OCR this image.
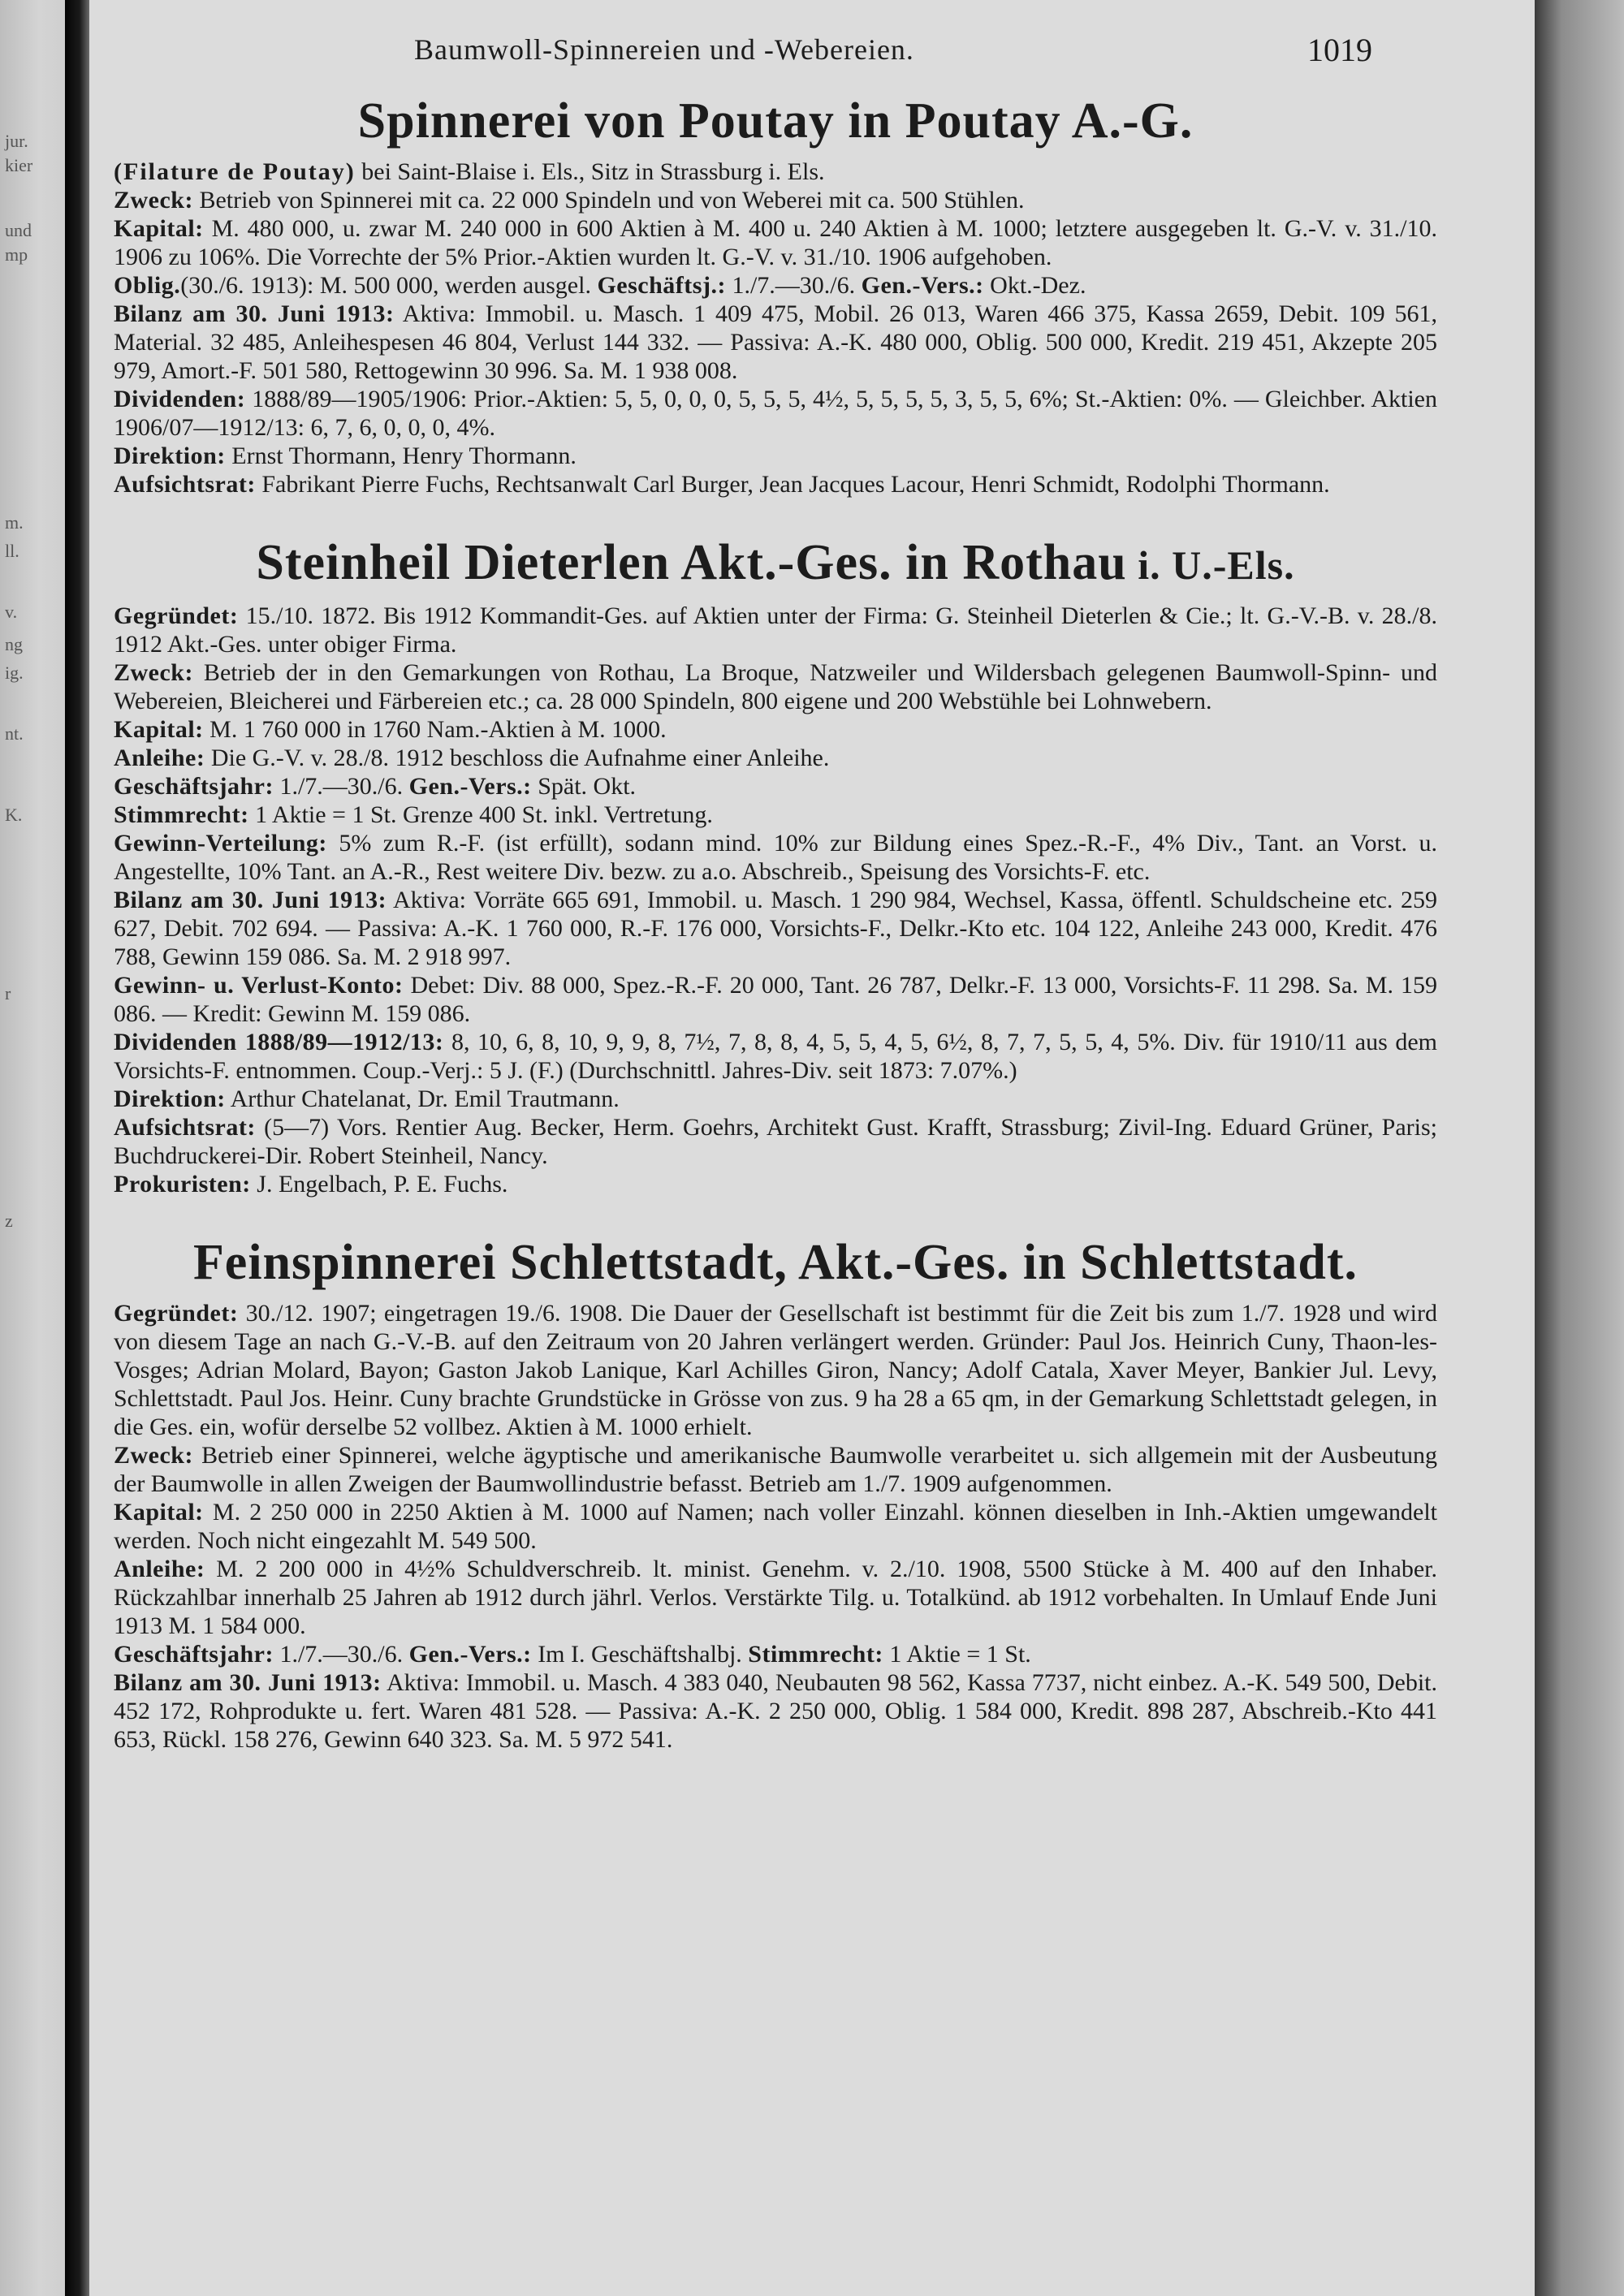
jur.
kier
und
mp
m.
ll.
v.
ng
ig.
nt.
K.
r
z
Baumwoll-Spinnereien und -Webereien.	1019
Spinnerei von Poutay in Poutay A.-G.

(Filature de Poutay) bei Saint-Blaise i. Els., Sitz in Strassburg i. Els.

Zweck: Betrieb von Spinnerei mit ca. 22 000 Spindeln und von Weberei mit ca. 500 Stühlen.

Kapital: M. 480 000, u. zwar M. 240 000 in 600 Aktien à M. 400 u. 240 Aktien à M. 1000; letztere ausgegeben lt. G.-V. v. 31./10. 1906 zu 106%. Die Vorrechte der 5% Prior.-Aktien wurden lt. G.-V. v. 31./10. 1906 aufgehoben.

Oblig.(30./6. 1913): M. 500 000, werden ausgel. Geschäftsj.: 1./7.—30./6. Gen.-Vers.: Okt.-Dez.

Bilanz am 30. Juni 1913: Aktiva: Immobil. u. Masch. 1 409 475, Mobil. 26 013, Waren 466 375, Kassa 2659, Debit. 109 561, Material. 32 485, Anleihespesen 46 804, Verlust 144 332. — Passiva: A.-K. 480 000, Oblig. 500 000, Kredit. 219 451, Akzepte 205 979, Amort.-F. 501 580, Rettogewinn 30 996. Sa. M. 1 938 008.

Dividenden: 1888/89—1905/1906: Prior.-Aktien: 5, 5, 0, 0, 0, 5, 5, 5, 4½, 5, 5, 5, 5, 3, 5, 5, 6%; St.-Aktien: 0%. — Gleichber. Aktien 1906/07—1912/13: 6, 7, 6, 0, 0, 0, 4%.

Direktion: Ernst Thormann, Henry Thormann.

Aufsichtsrat: Fabrikant Pierre Fuchs, Rechtsanwalt Carl Burger, Jean Jacques Lacour, Henri Schmidt, Rodolphi Thormann.

Steinheil Dieterlen Akt.-Ges. in Rothau i. U.-Els.

Gegründet: 15./10. 1872. Bis 1912 Kommandit-Ges. auf Aktien unter der Firma: G. Steinheil Dieterlen & Cie.; lt. G.-V.-B. v. 28./8. 1912 Akt.-Ges. unter obiger Firma.

Zweck: Betrieb der in den Gemarkungen von Rothau, La Broque, Natzweiler und Wildersbach gelegenen Baumwoll-Spinn- und Webereien, Bleicherei und Färbereien etc.; ca. 28 000 Spindeln, 800 eigene und 200 Webstühle bei Lohnwebern.

Kapital: M. 1 760 000 in 1760 Nam.-Aktien à M. 1000.

Anleihe: Die G.-V. v. 28./8. 1912 beschloss die Aufnahme einer Anleihe.

Geschäftsjahr: 1./7.—30./6. Gen.-Vers.: Spät. Okt.

Stimmrecht: 1 Aktie = 1 St. Grenze 400 St. inkl. Vertretung.

Gewinn-Verteilung: 5% zum R.-F. (ist erfüllt), sodann mind. 10% zur Bildung eines Spez.-R.-F., 4% Div., Tant. an Vorst. u. Angestellte, 10% Tant. an A.-R., Rest weitere Div. bezw. zu a.o. Abschreib., Speisung des Vorsichts-F. etc.

Bilanz am 30. Juni 1913: Aktiva: Vorräte 665 691, Immobil. u. Masch. 1 290 984, Wechsel, Kassa, öffentl. Schuldscheine etc. 259 627, Debit. 702 694. — Passiva: A.-K. 1 760 000, R.-F. 176 000, Vorsichts-F., Delkr.-Kto etc. 104 122, Anleihe 243 000, Kredit. 476 788, Gewinn 159 086. Sa. M. 2 918 997.

Gewinn- u. Verlust-Konto: Debet: Div. 88 000, Spez.-R.-F. 20 000, Tant. 26 787, Delkr.-F. 13 000, Vorsichts-F. 11 298. Sa. M. 159 086. — Kredit: Gewinn M. 159 086.

Dividenden 1888/89—1912/13: 8, 10, 6, 8, 10, 9, 9, 8, 7½, 7, 8, 8, 4, 5, 5, 4, 5, 6½, 8, 7, 7, 5, 5, 4, 5%. Div. für 1910/11 aus dem Vorsichts-F. entnommen. Coup.-Verj.: 5 J. (F.) (Durchschnittl. Jahres-Div. seit 1873: 7.07%.)

Direktion: Arthur Chatelanat, Dr. Emil Trautmann.

Aufsichtsrat: (5—7) Vors. Rentier Aug. Becker, Herm. Goehrs, Architekt Gust. Krafft, Strassburg; Zivil-Ing. Eduard Grüner, Paris; Buchdruckerei-Dir. Robert Steinheil, Nancy.

Prokuristen: J. Engelbach, P. E. Fuchs.

Feinspinnerei Schlettstadt, Akt.-Ges. in Schlettstadt.

Gegründet: 30./12. 1907; eingetragen 19./6. 1908. Die Dauer der Gesellschaft ist bestimmt für die Zeit bis zum 1./7. 1928 und wird von diesem Tage an nach G.-V.-B. auf den Zeitraum von 20 Jahren verlängert werden. Gründer: Paul Jos. Heinrich Cuny, Thaon-les-Vosges; Adrian Molard, Bayon; Gaston Jakob Lanique, Karl Achilles Giron, Nancy; Adolf Catala, Xaver Meyer, Bankier Jul. Levy, Schlettstadt. Paul Jos. Heinr. Cuny brachte Grundstücke in Grösse von zus. 9 ha 28 a 65 qm, in der Gemarkung Schlettstadt gelegen, in die Ges. ein, wofür derselbe 52 vollbez. Aktien à M. 1000 erhielt.

Zweck: Betrieb einer Spinnerei, welche ägyptische und amerikanische Baumwolle verarbeitet u. sich allgemein mit der Ausbeutung der Baumwolle in allen Zweigen der Baumwollindustrie befasst. Betrieb am 1./7. 1909 aufgenommen.

Kapital: M. 2 250 000 in 2250 Aktien à M. 1000 auf Namen; nach voller Einzahl. können dieselben in Inh.-Aktien umgewandelt werden. Noch nicht eingezahlt M. 549 500.

Anleihe: M. 2 200 000 in 4½% Schuldverschreib. lt. minist. Genehm. v. 2./10. 1908, 5500 Stücke à M. 400 auf den Inhaber. Rückzahlbar innerhalb 25 Jahren ab 1912 durch jährl. Verlos. Verstärkte Tilg. u. Totalkünd. ab 1912 vorbehalten. In Umlauf Ende Juni 1913 M. 1 584 000.

Geschäftsjahr: 1./7.—30./6. Gen.-Vers.: Im I. Geschäftshalbj. Stimmrecht: 1 Aktie = 1 St.

Bilanz am 30. Juni 1913: Aktiva: Immobil. u. Masch. 4 383 040, Neubauten 98 562, Kassa 7737, nicht einbez. A.-K. 549 500, Debit. 452 172, Rohprodukte u. fert. Waren 481 528. — Passiva: A.-K. 2 250 000, Oblig. 1 584 000, Kredit. 898 287, Abschreib.-Kto 441 653, Rückl. 158 276, Gewinn 640 323. Sa. M. 5 972 541.
